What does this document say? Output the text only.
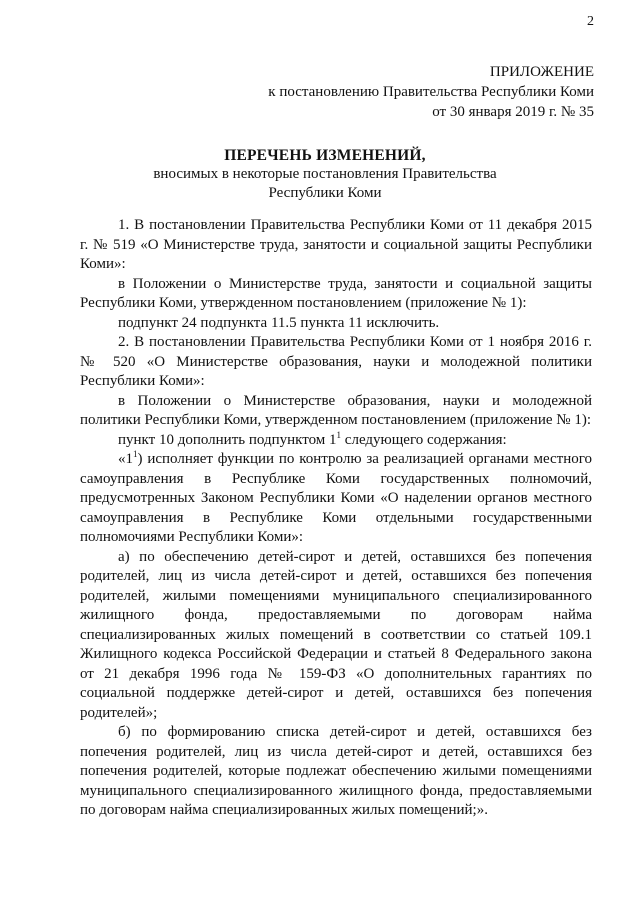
2
ПРИЛОЖЕНИЕ
к постановлению Правительства Республики Коми
от 30 января 2019 г. № 35
ПЕРЕЧЕНЬ ИЗМЕНЕНИЙ,
вносимых в некоторые постановления Правительства
Республики Коми

1. В постановлении Правительства Республики Коми от 11 декабря 2015 г. № 519 «О Министерстве труда, занятости и социальной защиты Республики Коми»:

в Положении о Министерстве труда, занятости и социальной защиты Республики Коми, утвержденном постановлением (приложение № 1):

подпункт 24 подпункта 11.5 пункта 11 исключить.

2. В постановлении Правительства Республики Коми от 1 ноября 2016 г. № 520 «О Министерстве образования, науки и молодежной политики Республики Коми»:

в Положении о Министерстве образования, науки и молодежной политики Республики Коми, утвержденном постановлением (приложение № 1):

пункт 10 дополнить подпунктом $1^1$ следующего содержания:

«$1^1$) исполняет функции по контролю за реализацией органами местного самоуправления в Республике Коми государственных полномочий, предусмотренных Законом Республики Коми «О наделении органов местного самоуправления в Республике Коми отдельными государственными полномочиями Республики Коми»:

а) по обеспечению детей-сирот и детей, оставшихся без попечения родителей, лиц из числа детей-сирот и детей, оставшихся без попечения родителей, жилыми помещениями муниципального специализированного жилищного фонда, предоставляемыми по договорам найма специализированных жилых помещений в соответствии со статьей 109.1 Жилищного кодекса Российской Федерации и статьей 8 Федерального закона от 21 декабря 1996 года № 159-ФЗ «О дополнительных гарантиях по социальной поддержке детей-сирот и детей, оставшихся без попечения родителей»;

б) по формированию списка детей-сирот и детей, оставшихся без попечения родителей, лиц из числа детей-сирот и детей, оставшихся без попечения родителей, которые подлежат обеспечению жилыми помещениями муниципального специализированного жилищного фонда, предоставляемыми по договорам найма специализированных жилых помещений;».
